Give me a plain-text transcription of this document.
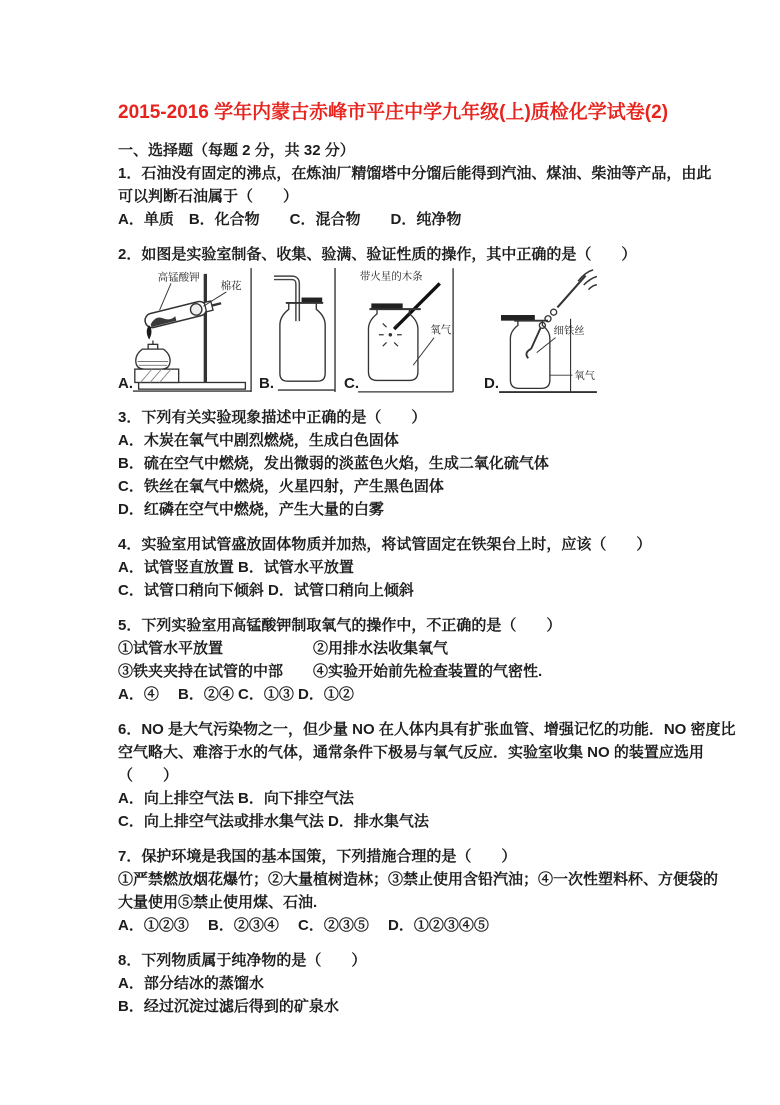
2015-2016 学年内蒙古赤峰市平庄中学九年级(上)质检化学试卷(2)
一、选择题（每题 2 分，共 32 分）
1．石油没有固定的沸点，在炼油厂精馏塔中分馏后能得到汽油、煤油、柴油等产品，由此
可以判断石油属于（　　）
A．单质　B．化合物　　C．混合物　　D．纯净物
2．如图是实验室制备、收集、验满、验证性质的操作，其中正确的是（　　）
A.
高锰酸钾
棉花
B.	C.
带火星的木条
氧气
D.
细铁丝
氧气
3．下列有关实验现象描述中正确的是（　　）
A．木炭在氧气中剧烈燃烧，生成白色固体
B．硫在空气中燃烧，发出微弱的淡蓝色火焰，生成二氧化硫气体
C．铁丝在氧气中燃烧，火星四射，产生黑色固体
D．红磷在空气中燃烧，产生大量的白雾
4．实验室用试管盛放固体物质并加热，将试管固定在铁架台上时，应该（　　）
A．试管竖直放置 B．试管水平放置
C．试管口稍向下倾斜 D．试管口稍向上倾斜
5．下列实验室用高锰酸钾制取氧气的操作中，不正确的是（　　）
①试管水平放置　　　　　　②用排水法收集氧气
③铁夹夹持在试管的中部　　④实验开始前先检查装置的气密性.
A．④　 B．②④ C．①③ D．①②
6．NO 是大气污染物之一，但少量 NO 在人体内具有扩张血管、增强记忆的功能．NO 密度比
空气略大、难溶于水的气体，通常条件下极易与氧气反应．实验室收集 NO 的装置应选用
（　　）
A．向上排空气法 B．向下排空气法
C．向上排空气法或排水集气法 D．排水集气法
7．保护环境是我国的基本国策，下列措施合理的是（　　）
①严禁燃放烟花爆竹；②大量植树造林；③禁止使用含铅汽油；④一次性塑料杯、方便袋的
大量使用⑤禁止使用煤、石油.
A．①②③　 B．②③④　 C．②③⑤　 D．①②③④⑤
8．下列物质属于纯净物的是（　　）
A．部分结冰的蒸馏水
B．经过沉淀过滤后得到的矿泉水
